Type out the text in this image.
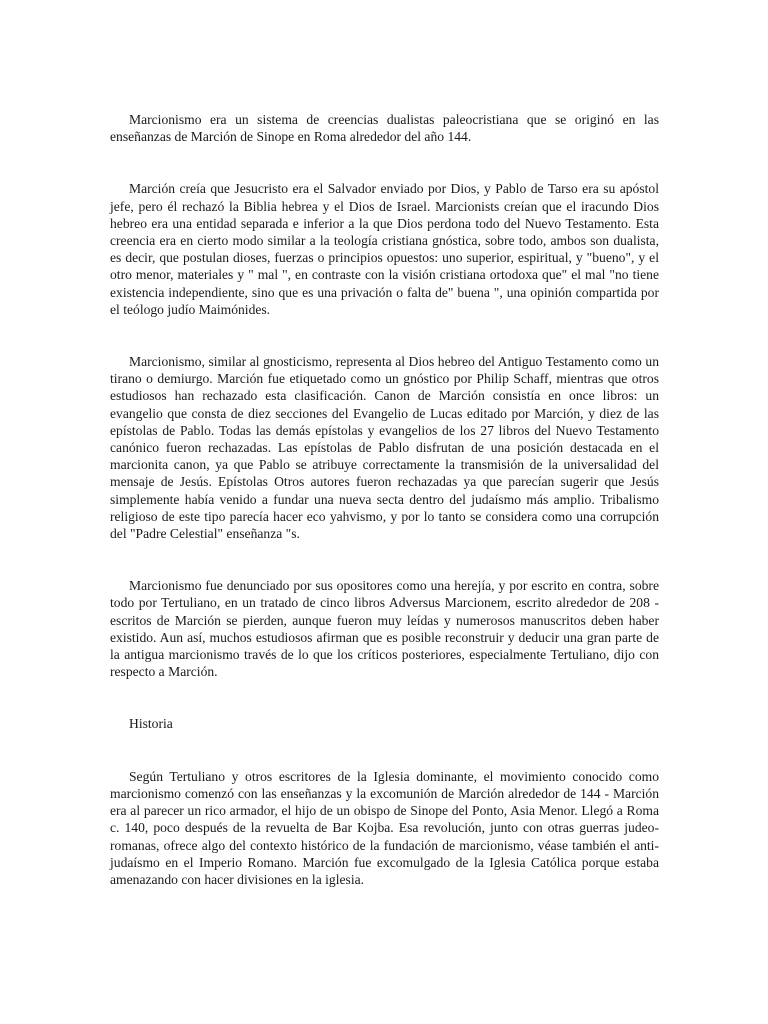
Marcionismo era un sistema de creencias dualistas paleocristiana que se originó en las enseñanzas de Marción de Sinope en Roma alrededor del año 144.

Marción creía que Jesucristo era el Salvador enviado por Dios, y Pablo de Tarso era su apóstol jefe, pero él rechazó la Biblia hebrea y el Dios de Israel. Marcionists creían que el iracundo Dios hebreo era una entidad separada e inferior a la que Dios perdona todo del Nuevo Testamento. Esta creencia era en cierto modo similar a la teología cristiana gnóstica, sobre todo, ambos son dualista, es decir, que postulan dioses, fuerzas o principios opuestos: uno superior, espiritual, y "bueno", y el otro menor, materiales y " mal ", en contraste con la visión cristiana ortodoxa que" el mal "no tiene existencia independiente, sino que es una privación o falta de" buena ", una opinión compartida por el teólogo judío Maimónides.

Marcionismo, similar al gnosticismo, representa al Dios hebreo del Antiguo Testamento como un tirano o demiurgo. Marción fue etiquetado como un gnóstico por Philip Schaff, mientras que otros estudiosos han rechazado esta clasificación. Canon de Marción consistía en once libros: un evangelio que consta de diez secciones del Evangelio de Lucas editado por Marción, y diez de las epístolas de Pablo. Todas las demás epístolas y evangelios de los 27 libros del Nuevo Testamento canónico fueron rechazadas. Las epístolas de Pablo disfrutan de una posición destacada en el marcionita canon, ya que Pablo se atribuye correctamente la transmisión de la universalidad del mensaje de Jesús. Epístolas Otros autores fueron rechazadas ya que parecían sugerir que Jesús simplemente había venido a fundar una nueva secta dentro del judaísmo más amplio. Tribalismo religioso de este tipo parecía hacer eco yahvismo, y por lo tanto se considera como una corrupción del "Padre Celestial" enseñanza "s.

Marcionismo fue denunciado por sus opositores como una herejía, y por escrito en contra, sobre todo por Tertuliano, en un tratado de cinco libros Adversus Marcionem, escrito alrededor de 208 - escritos de Marción se pierden, aunque fueron muy leídas y numerosos manuscritos deben haber existido. Aun así, muchos estudiosos afirman que es posible reconstruir y deducir una gran parte de la antigua marcionismo través de lo que los críticos posteriores, especialmente Tertuliano, dijo con respecto a Marción.

Historia

Según Tertuliano y otros escritores de la Iglesia dominante, el movimiento conocido como marcionismo comenzó con las enseñanzas y la excomunión de Marción alrededor de 144 - Marción era al parecer un rico armador, el hijo de un obispo de Sinope del Ponto, Asia Menor. Llegó a Roma c. 140, poco después de la revuelta de Bar Kojba. Esa revolución, junto con otras guerras judeo-romanas, ofrece algo del contexto histórico de la fundación de marcionismo, véase también el anti-judaísmo en el Imperio Romano. Marción fue excomulgado de la Iglesia Católica porque estaba amenazando con hacer divisiones en la iglesia.
